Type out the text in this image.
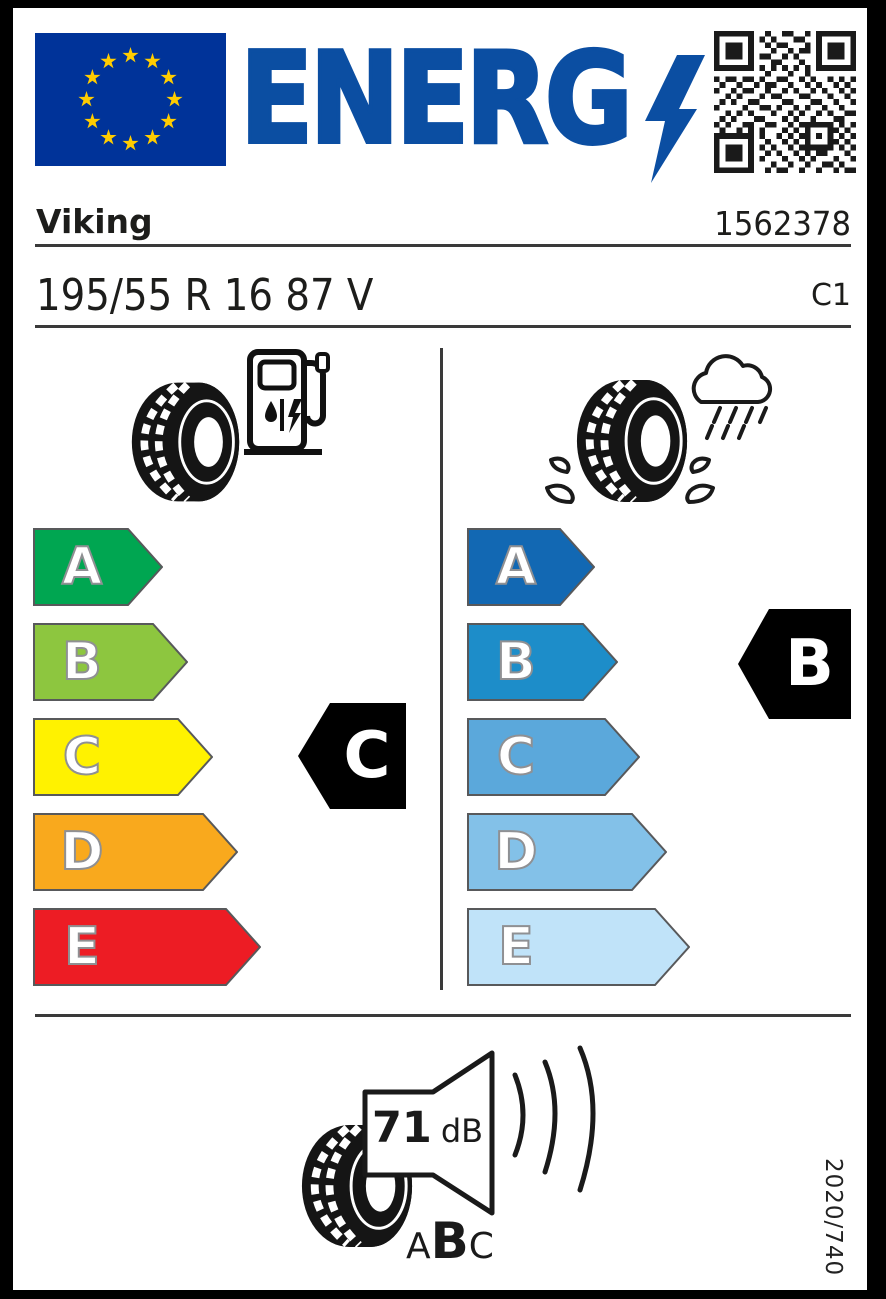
ENERG
Viking	1562378
195/55 R 16 87 V	C1
A
B
C
D
E
C
A
B
C
D
E
B
71 dB
A B C	2020/740
